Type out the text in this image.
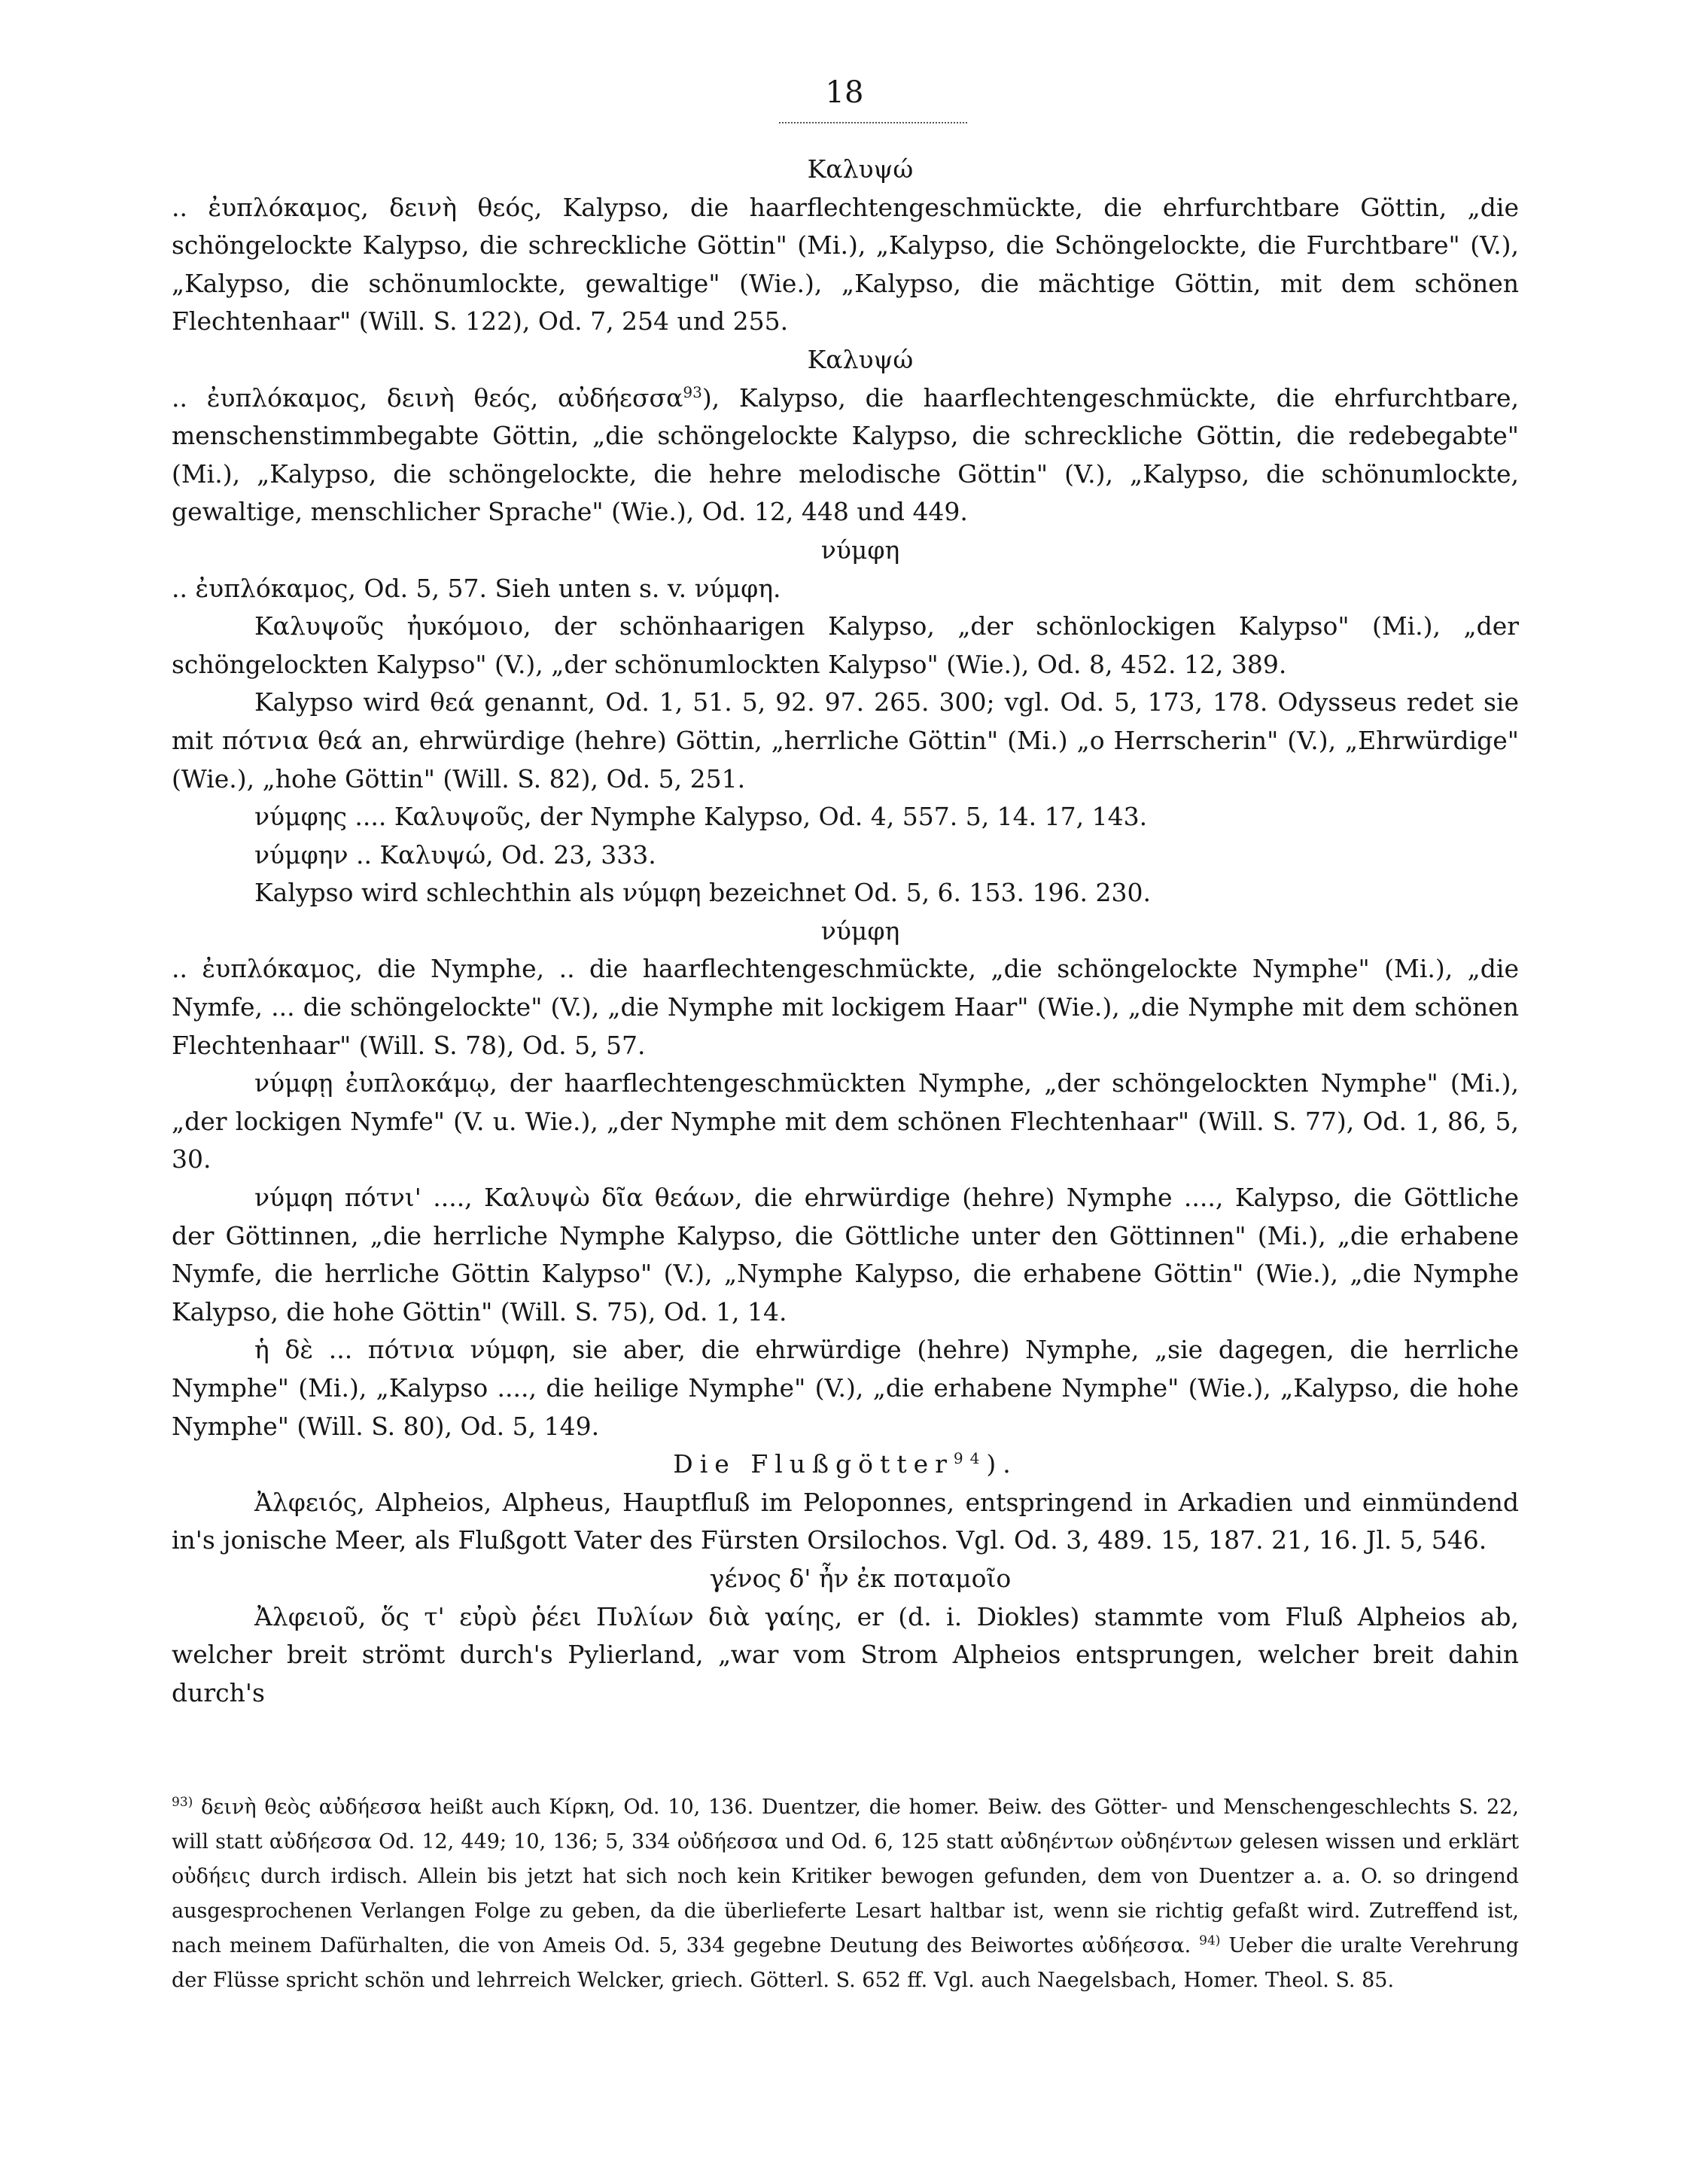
18

Καλυψώ

.. ἐυπλόκαμος, δεινὴ θεός, Kalypso, die haarflechtengeschmückte, die ehrfurchtbare Göttin, „die schöngelockte Kalypso, die schreckliche Göttin" (Mi.), „Kalypso, die Schöngelockte, die Furchtbare" (V.), „Kalypso, die schönumlockte, gewaltige" (Wie.), „Kalypso, die mächtige Göttin, mit dem schönen Flechtenhaar" (Will. S. 122), Od. 7, 254 und 255.

Καλυψώ

.. ἐυπλόκαμος, δεινὴ θεός, αὐδήεσσα$^{93}$), Kalypso, die haarflechtengeschmückte, die ehrfurchtbare, menschenstimmbegabte Göttin, „die schöngelockte Kalypso, die schreckliche Göttin, die redebegabte" (Mi.), „Kalypso, die schöngelockte, die hehre melodische Göttin" (V.), „Kalypso, die schönumlockte, gewaltige, menschlicher Sprache" (Wie.), Od. 12, 448 und 449.

νύμφη

.. ἐυπλόκαμος, Od. 5, 57. Sieh unten s. v. νύμφη.

Καλυψοῦς ἠυκόμοιο, der schönhaarigen Kalypso, „der schönlockigen Kalypso" (Mi.), „der schöngelockten Kalypso" (V.), „der schönumlockten Kalypso" (Wie.), Od. 8, 452. 12, 389.

Kalypso wird θεά genannt, Od. 1, 51. 5, 92. 97. 265. 300; vgl. Od. 5, 173, 178. Odysseus redet sie mit πότνια θεά an, ehrwürdige (hehre) Göttin, „herrliche Göttin" (Mi.) „o Herrscherin" (V.), „Ehrwürdige" (Wie.), „hohe Göttin" (Will. S. 82), Od. 5, 251.

νύμφης .... Καλυψοῦς, der Nymphe Kalypso, Od. 4, 557. 5, 14. 17, 143.

νύμφην .. Καλυψώ, Od. 23, 333.

Kalypso wird schlechthin als νύμφη bezeichnet Od. 5, 6. 153. 196. 230.

νύμφη

.. ἐυπλόκαμος, die Nymphe, .. die haarflechtengeschmückte, „die schöngelockte Nymphe" (Mi.), „die Nymfe, ... die schöngelockte" (V.), „die Nymphe mit lockigem Haar" (Wie.), „die Nymphe mit dem schönen Flechtenhaar" (Will. S. 78), Od. 5, 57.

νύμφῃ ἐυπλοκάμῳ, der haarflechtengeschmückten Nymphe, „der schöngelockten Nymphe" (Mi.), „der lockigen Nymfe" (V. u. Wie.), „der Nymphe mit dem schönen Flechtenhaar" (Will. S. 77), Od. 1, 86, 5, 30.

νύμφη πότνι' ...., Καλυψὼ δῖα θεάων, die ehrwürdige (hehre) Nymphe ...., Kalypso, die Göttliche der Göttinnen, „die herrliche Nymphe Kalypso, die Göttliche unter den Göttinnen" (Mi.), „die erhabene Nymfe, die herrliche Göttin Kalypso" (V.), „Nymphe Kalypso, die erhabene Göttin" (Wie.), „die Nymphe Kalypso, die hohe Göttin" (Will. S. 75), Od. 1, 14.

ἡ δὲ ... πότνια νύμφη, sie aber, die ehrwürdige (hehre) Nymphe, „sie dagegen, die herrliche Nymphe" (Mi.), „Kalypso ...., die heilige Nymphe" (V.), „die erhabene Nymphe" (Wie.), „Kalypso, die hohe Nymphe" (Will. S. 80), Od. 5, 149.

Die Flußgötter$^{94}$).

Ἀλφειός, Alpheios, Alpheus, Hauptfluß im Peloponnes, entspringend in Arkadien und einmündend in's jonische Meer, als Flußgott Vater des Fürsten Orsilochos. Vgl. Od. 3, 489. 15, 187. 21, 16. Jl. 5, 546.

γένος δ' ἦν ἐκ ποταμοῖο

Ἀλφειοῦ, ὅς τ' εὐρὺ ῥέει Πυλίων διὰ γαίης, er (d. i. Diokles) stammte vom Fluß Alpheios ab, welcher breit strömt durch's Pylierland, „war vom Strom Alpheios entsprungen, welcher breit dahin durch's

$^{93)}$ δεινὴ θεὸς αὐδήεσσα heißt auch Κίρκη, Od. 10, 136. Duentzer, die homer. Beiw. des Götter- und Menschengeschlechts S. 22, will statt αὐδήεσσα Od. 12, 449; 10, 136; 5, 334 οὐδήεσσα und Od. 6, 125 statt αὐδηέντων οὐδηέντων gelesen wissen und erklärt οὐδήεις durch irdisch. Allein bis jetzt hat sich noch kein Kritiker bewogen gefunden, dem von Duentzer a. a. O. so dringend ausgesprochenen Verlangen Folge zu geben, da die überlieferte Lesart haltbar ist, wenn sie richtig gefaßt wird. Zutreffend ist, nach meinem Dafürhalten, die von Ameis Od. 5, 334 gegebne Deutung des Beiwortes αὐδήεσσα. $^{94)}$ Ueber die uralte Verehrung der Flüsse spricht schön und lehrreich Welcker, griech. Götterl. S. 652 ff. Vgl. auch Naegelsbach, Homer. Theol. S. 85.
